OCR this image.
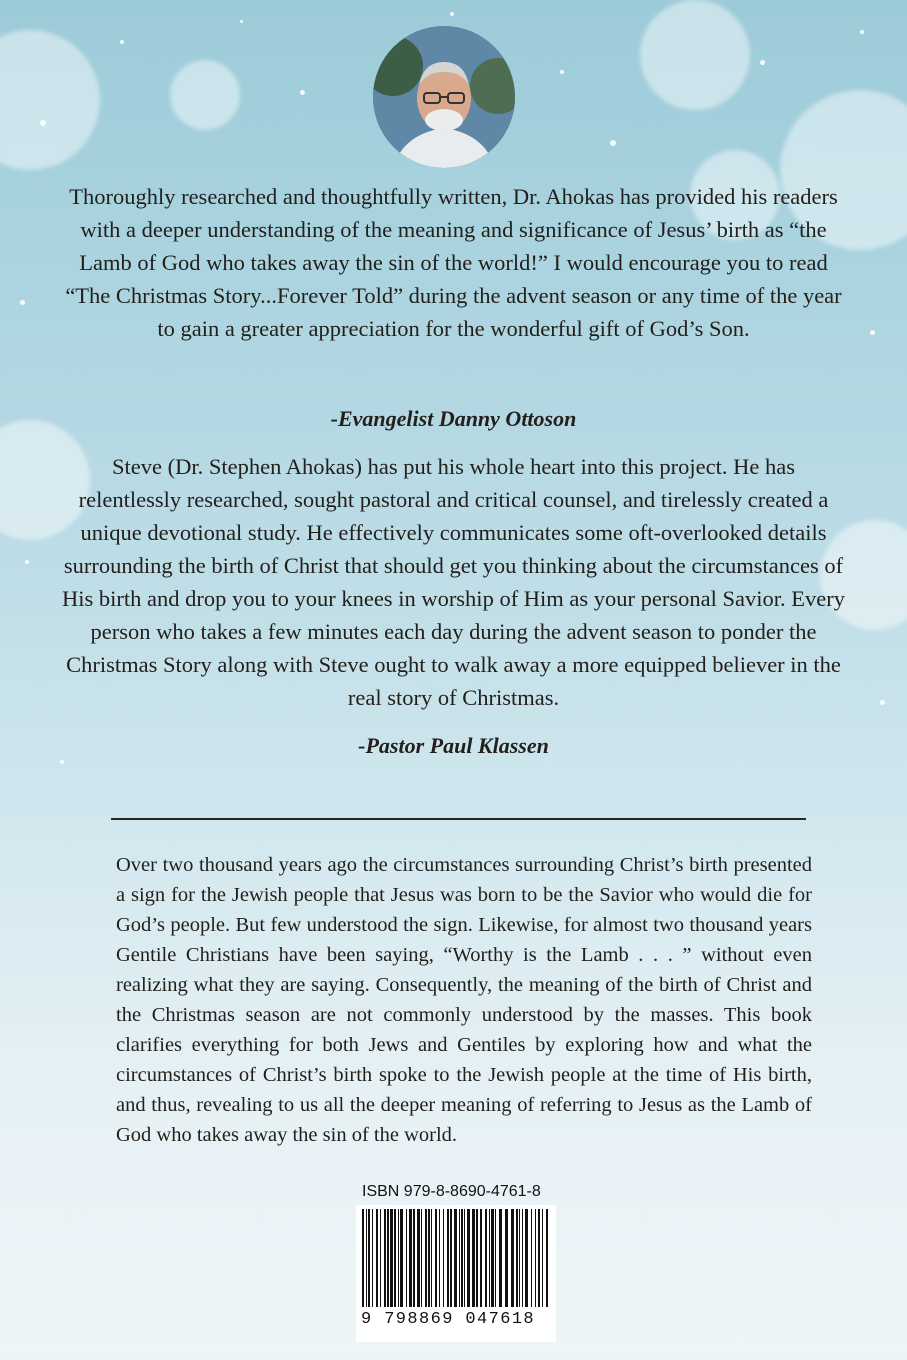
Thoroughly researched and thoughtfully written, Dr. Ahokas has provided his readers with a deeper understanding of the meaning and significance of Jesus’ birth as “the Lamb of God who takes away the sin of the world!” I would encourage you to read “The Christmas Story...Forever Told” during the advent season or any time of the year to gain a greater appreciation for the wonderful gift of God’s Son.

-Evangelist Danny Ottoson

Steve (Dr. Stephen Ahokas) has put his whole heart into this project. He has relentlessly researched, sought pastoral and critical counsel, and tirelessly created a unique devotional study. He effectively communicates some oft-overlooked details surrounding the birth of Christ that should get you thinking about the circumstances of His birth and drop you to your knees in worship of Him as your personal Savior. Every person who takes a few minutes each day during the advent season to ponder the Christmas Story along with Steve ought to walk away a more equipped believer in the real story of Christmas.

-Pastor Paul Klassen

Over two thousand years ago the circumstances surrounding Christ’s birth presented a sign for the Jewish people that Jesus was born to be the Savior who would die for God’s people. But few understood the sign. Likewise, for almost two thousand years Gentile Christians have been saying, “Worthy is the Lamb . . . ” without even realizing what they are saying. Consequently, the meaning of the birth of Christ and the Christmas season are not commonly understood by the masses. This book clarifies everything for both Jews and Gentiles by exploring how and what the circumstances of Christ’s birth spoke to the Jewish people at the time of His birth, and thus, revealing to us all the deeper meaning of referring to Jesus as the Lamb of God who takes away the sin of the world.

ISBN 979-8-8690-4761-8
9 798869 047618
